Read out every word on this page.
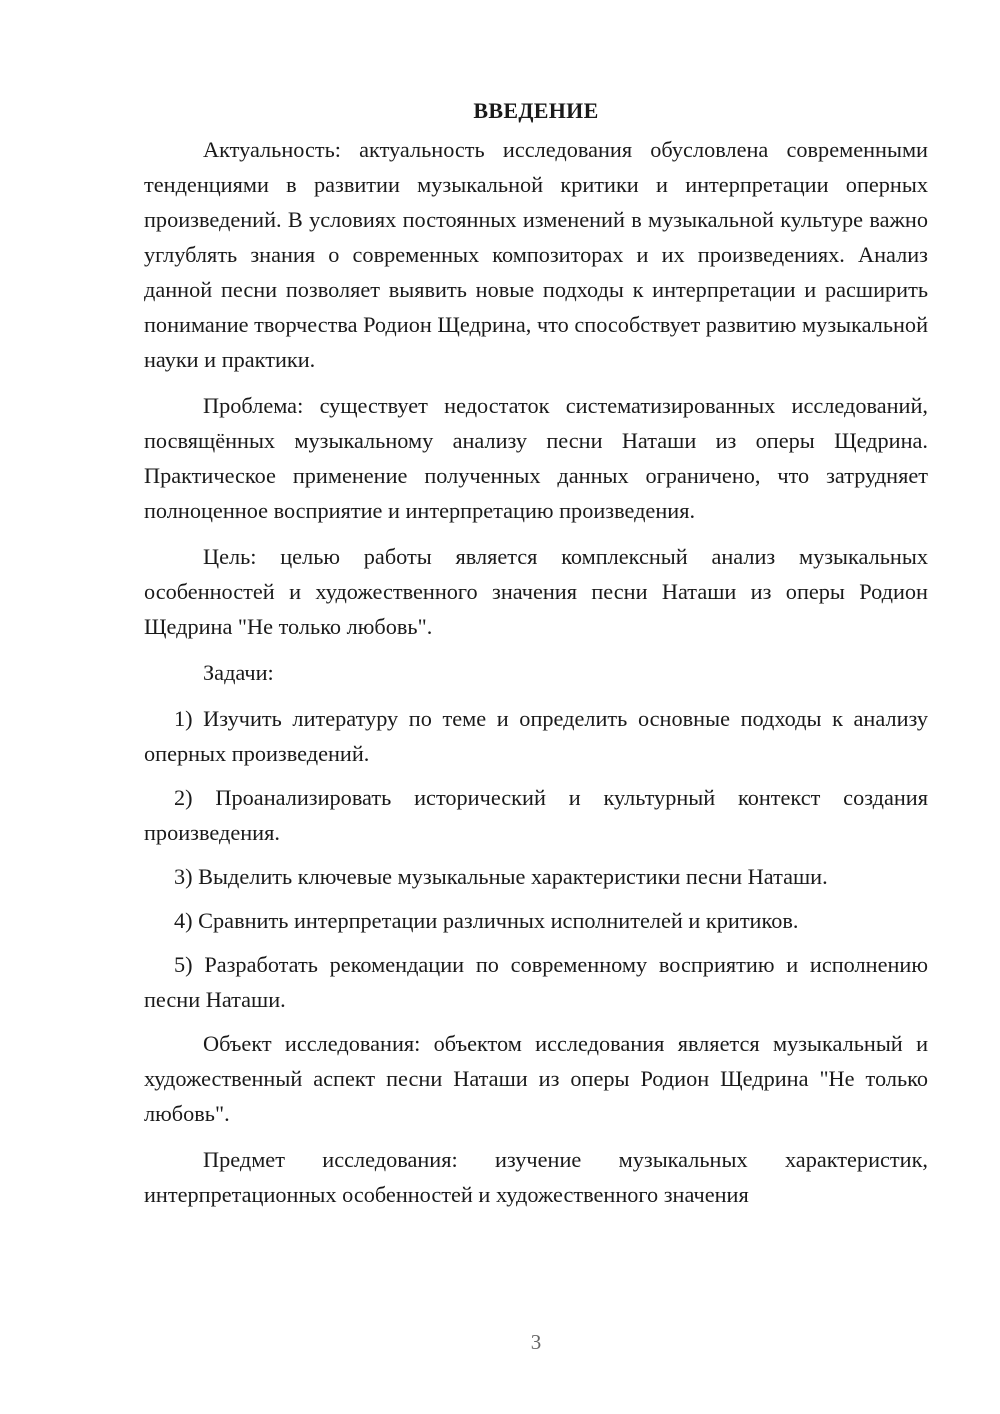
ВВЕДЕНИЕ

Актуальность: актуальность исследования обусловлена современными тенденциями в развитии музыкальной критики и интерпретации оперных произведений. В условиях постоянных изменений в музыкальной культуре важно углублять знания о современных композиторах и их произведениях. Анализ данной песни позволяет выявить новые подходы к интерпретации и расширить понимание творчества Родион Щедрина, что способствует развитию музыкальной науки и практики.

Проблема: существует недостаток систематизированных исследований, посвящённых музыкальному анализу песни Наташи из оперы Щедрина. Практическое применение полученных данных ограничено, что затрудняет полноценное восприятие и интерпретацию произведения.

Цель: целью работы является комплексный анализ музыкальных особенностей и художественного значения песни Наташи из оперы Родион Щедрина "Не только любовь".

Задачи:

1) Изучить литературу по теме и определить основные подходы к анализу оперных произведений.

2) Проанализировать исторический и культурный контекст создания произведения.

3) Выделить ключевые музыкальные характеристики песни Наташи.

4) Сравнить интерпретации различных исполнителей и критиков.

5) Разработать рекомендации по современному восприятию и исполнению песни Наташи.

Объект исследования: объектом исследования является музыкальный и художественный аспект песни Наташи из оперы Родион Щедрина "Не только любовь".

Предмет исследования: изучение музыкальных характеристик, интерпретационных особенностей и художественного значения

3
